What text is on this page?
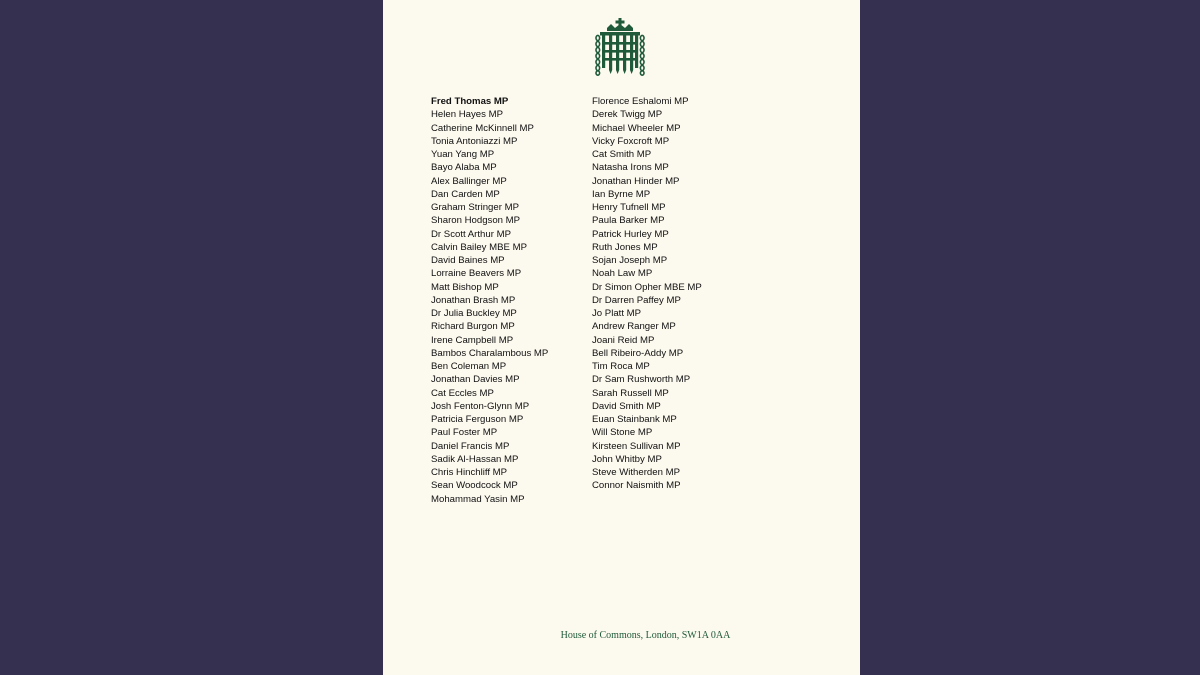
Fred Thomas MP
Helen Hayes MP
Catherine McKinnell MP
Tonia Antoniazzi MP
Yuan Yang MP
Bayo Alaba MP
Alex Ballinger MP
Dan Carden MP
Graham Stringer MP
Sharon Hodgson MP
Dr Scott Arthur MP
Calvin Bailey MBE MP
David Baines MP
Lorraine Beavers MP
Matt Bishop MP
Jonathan Brash MP
Dr Julia Buckley MP
Richard Burgon MP
Irene Campbell MP
Bambos Charalambous MP
Ben Coleman MP
Jonathan Davies MP
Cat Eccles MP
Josh Fenton-Glynn MP
Patricia Ferguson MP
Paul Foster MP
Daniel Francis MP
Sadik Al-Hassan MP
Chris Hinchliff MP
Sean Woodcock MP
Mohammad Yasin MP
Florence Eshalomi MP
Derek Twigg MP
Michael Wheeler MP
Vicky Foxcroft MP
Cat Smith MP
Natasha Irons MP
Jonathan Hinder MP
Ian Byrne MP
Henry Tufnell MP
Paula Barker MP
Patrick Hurley MP
Ruth Jones MP
Sojan Joseph MP
Noah Law MP
Dr Simon Opher MBE MP
Dr Darren Paffey MP
Jo Platt MP
Andrew Ranger MP
Joani Reid MP
Bell Ribeiro-Addy MP
Tim Roca MP
Dr Sam Rushworth MP
Sarah Russell MP
David Smith MP
Euan Stainbank MP
Will Stone MP
Kirsteen Sullivan MP
John Whitby MP
Steve Witherden MP
Connor Naismith MP
House of Commons, London, SW1A 0AA
